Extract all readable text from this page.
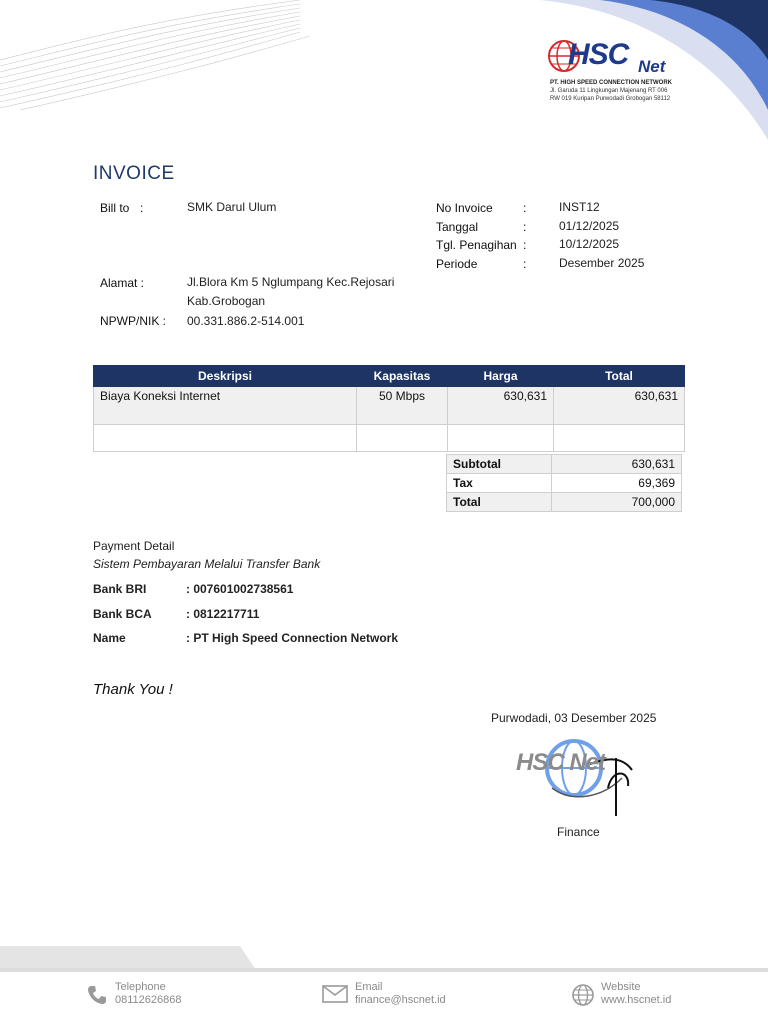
HSC Net
PT. HIGH SPEED CONNECTION NETWORK
Jl. Garuda 11 Lingkungan Majenang RT 006
RW 019 Kuripan Purwodadi Grobogan 58112
INVOICE
Bill to :	SMK Darul Ulum
Alamat :	Jl.Blora Km 5 Nglumpang Kec.Rejosari
Kab.Grobogan
NPWP/NIK : 00.331.886.2-514.001
No Invoice	:	INST12
Tanggal	:	01/12/2025
Tgl. Penagihan :	10/12/2025
Periode	:	Desember 2025
Deskripsi	Kapasitas	Harga	Total
Biaya Koneksi Internet	50 Mbps	630,631	630,631

Subtotal	630,631
Tax	69,369
Total	700,000
Payment Detail
Sistem Pembayaran Melalui Transfer Bank
Bank BRI	: 007601002738561
Bank BCA	: 0812217711
Name	: PT High Speed Connection Network
Thank You !
Purwodadi, 03 Desember 2025
HSC Net
Finance
Telephone
08112626868
Email
finance@hscnet.id
Website
www.hscnet.id
